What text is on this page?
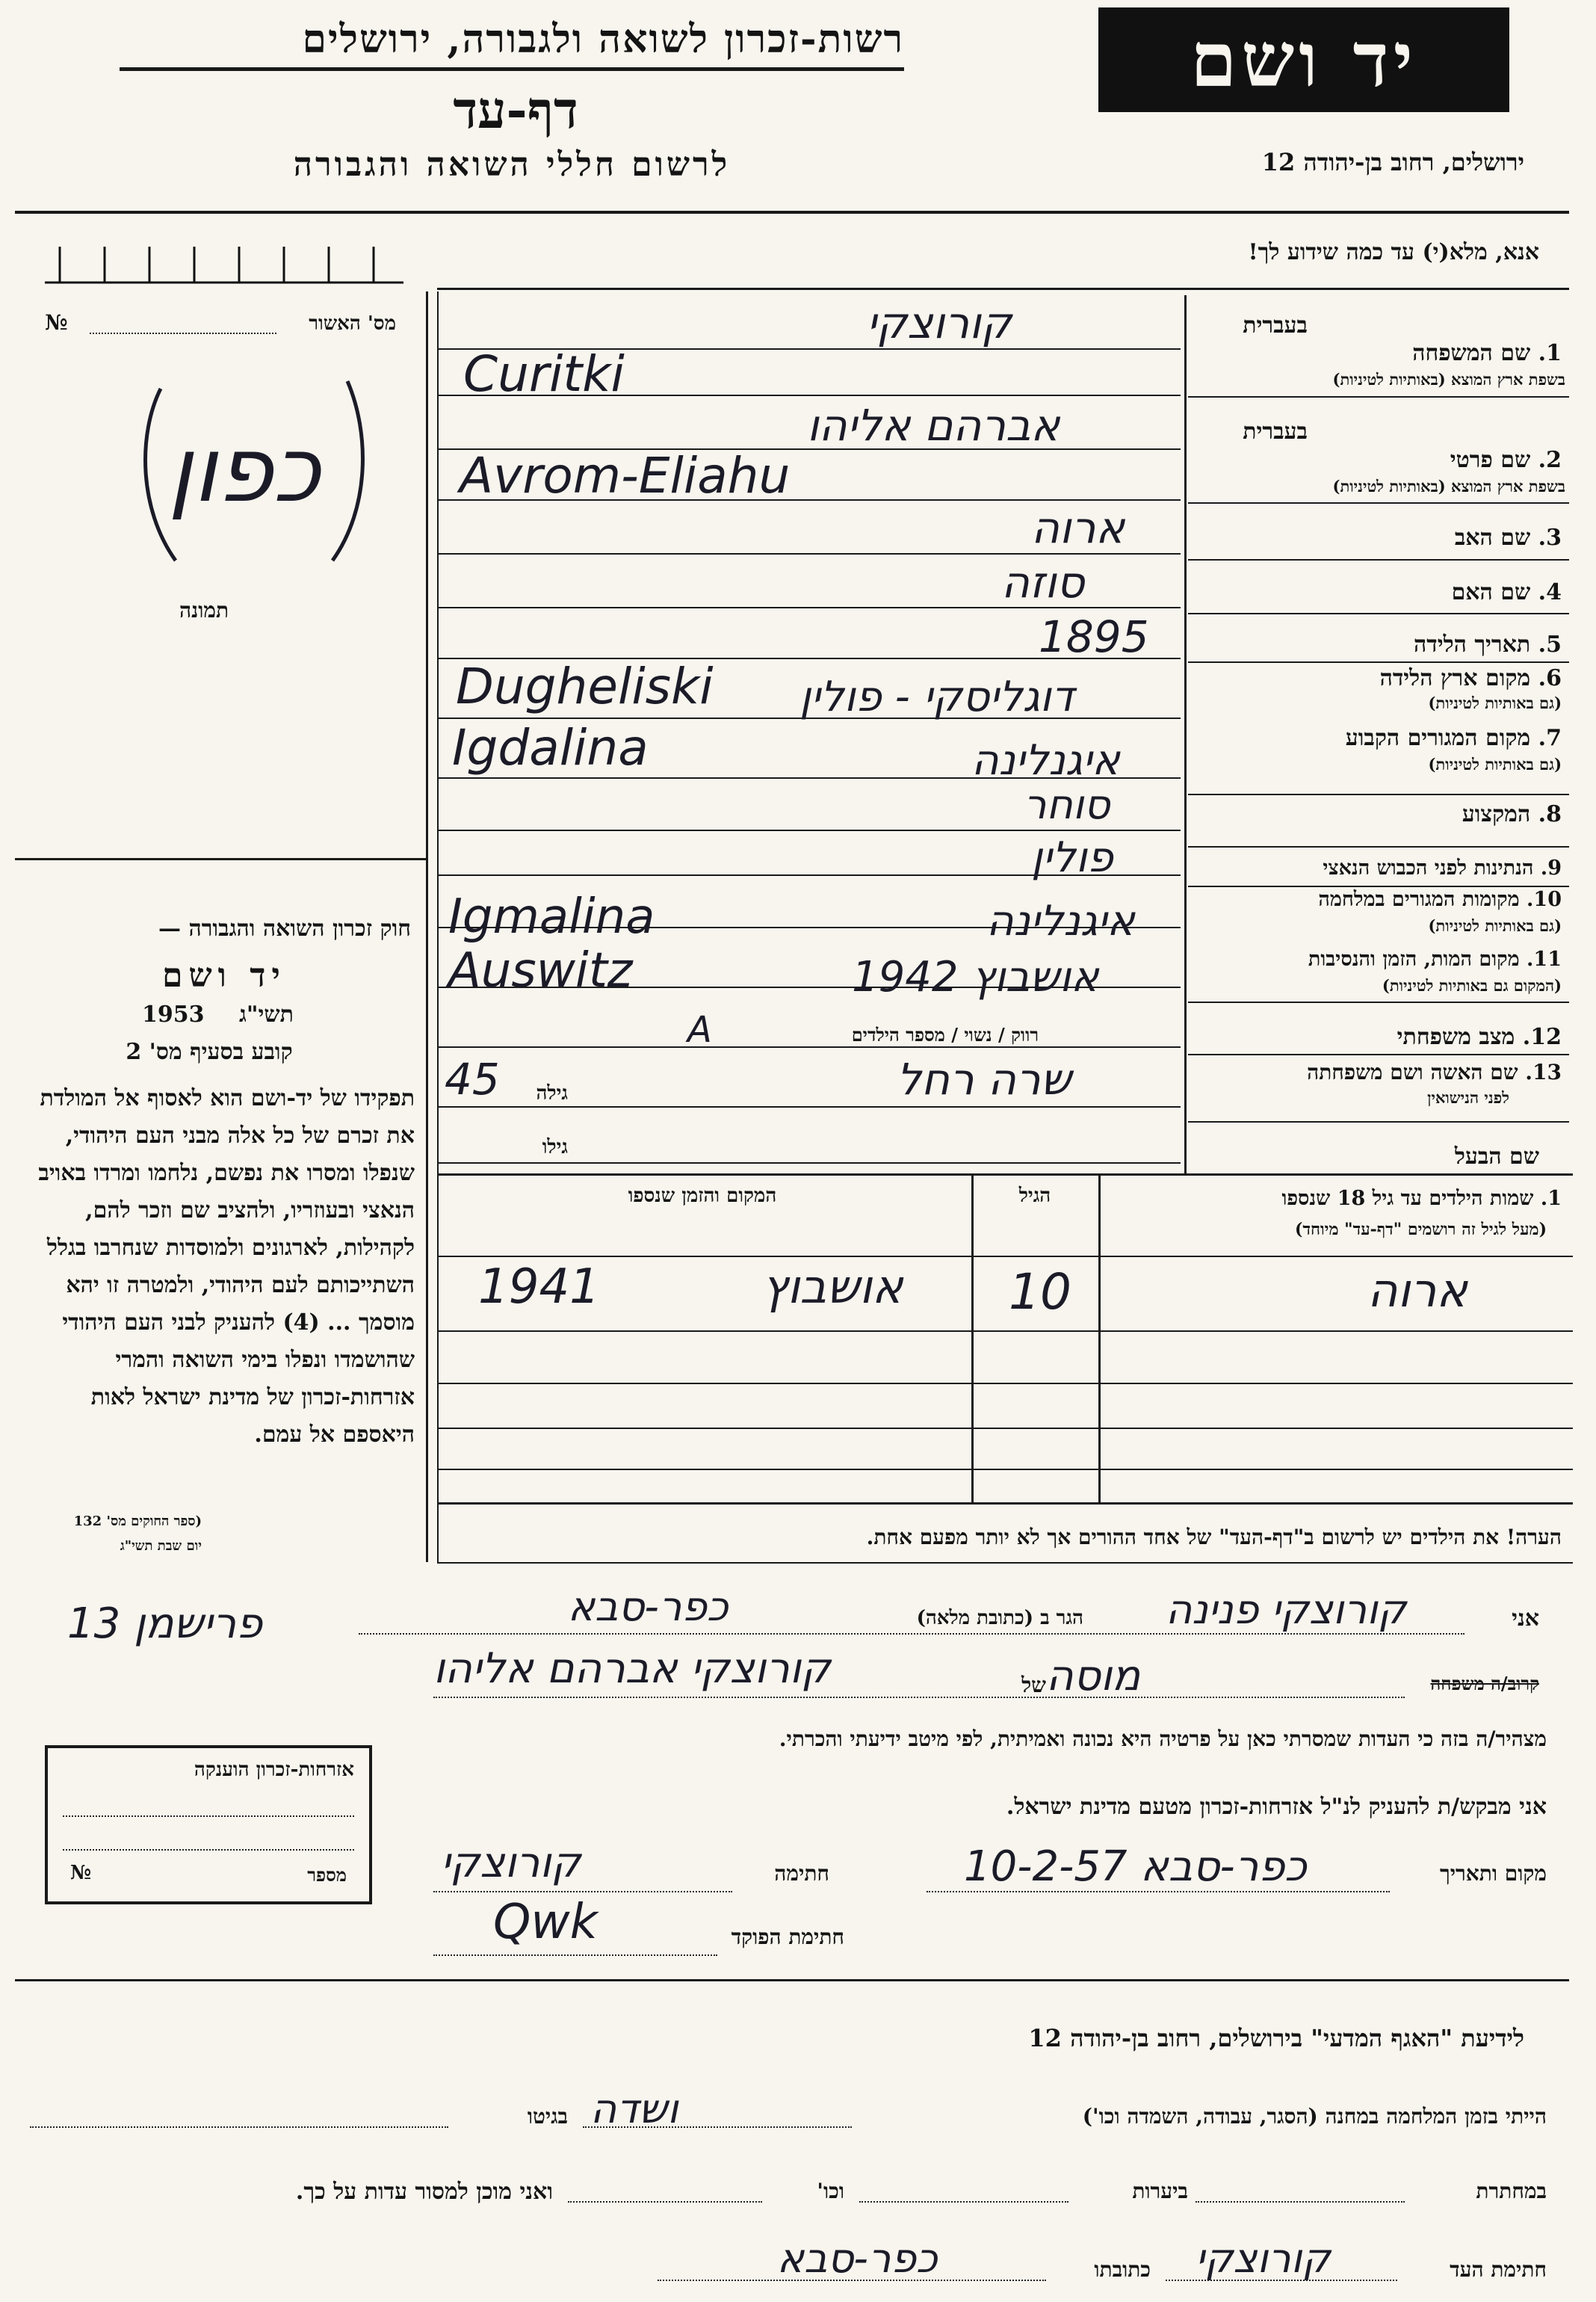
יד ושם
רשות-זכרון לשואה ולגבורה, ירושלים
דף-עד
לרשום חללי השואה והגבורה	ירושלים, רחוב בן-יהודה 12
אנא, מלא(י) עד כמה שידוע לך!
מס' האשור
№
כפון
תמונה
חוק זכרון השואה והגבורה —
יד ושם
תשי"ג
1953
קובע בסעיף מס' 2
תפקידו של יד-ושם הוא לאסוף אל המולדת את זכרם של כל אלה מבני העם היהודי, שנפלו ומסרו את נפשם, נלחמו ומרדו באויב הנאצי ובעוזריו, ולהציב שם וזכר להם, לקהילות, לארגונים ולמוסדות שנחרבו בגלל השתייכותם לעם היהודי, ולמטרה זו יהא מוסמך ... (4) להעניק לבני העם היהודי שהושמדו ונפלו בימי השואה והמרי אזרחות-זכרון של מדינת ישראל לאות היאספם אל עמם.
(ספר החוקים מס' 132
יום שבת תשי"ג
בעברית
1. שם המשפחה
בשפת ארץ המוצא (באותיות לטיניות)
קורוצקי
Curitki
בעברית
2. שם פרטי
בשפת ארץ המוצא (באותיות לטיניות)
אברהם אליהו
Avrom-Eliahu
3. שם האב
ארוה
4. שם האם
סוזה
5. תאריך הלידה
1895
6. מקום ארץ הלידה
(גם באותיות לטיניות)
דוגליסקי - פולין
Dugheliski
7. מקום המגורים הקבוע
(גם באותיות לטיניות)
איגנלינה
Igdalina
8. המקצוע
סוחר
9. הנתינות לפני הכבוש הנאצי
פולין
10. מקומות המגורים במלחמה
(גם באותיות לטיניות)
איגנלינה
Igmalina
11. מקום המות, הזמן והנסיבות
(המקום גם באותיות לטיניות)
אושבוץ 1942
Auswitz
12. מצב משפחתי
רווק / נשוי / מספר הילדים
A
13. שם האשה ושם משפחתה
לפני הנישואין
שרה רחל
גילה
45
שם הבעל
גילו
1. שמות הילדים עד גיל 18 שנספו
(מעל לגיל זה רושמים "דף-עד" מיוחד)
הגיל
המקום והזמן שנספו
ארוה
10
אושבוץ
1941
הערה! את הילדים יש לרשום ב"דף-העד" של אחד ההורים אך לא יותר מפעם אחת.
אני
קורוצקי פנינה
הגר ב (כתובת מלאה)
כפר-סבא
פרישמן 13
קרוב/ה משפחה
מוסה
של
קורוצקי אברהם אליהו
מצהיר/ה בזה כי העדות שמסרתי כאן על פרטיה היא נכונה ואמיתית, לפי מיטב ידיעתי והכרתי.
אני מבקש/ת להעניק לנ"ל אזרחות-זכרון מטעם מדינת ישראל.
מקום ותאריך
כפר-סבא 10-2-57
חתימה
קורוצקי
חתימת הפוקד
Qwk
אזרחות-זכרון הוענקה
מספר
№
לידיעת "האגף המדעי" בירושלים, רחוב בן-יהודה 12
הייתי בזמן המלחמה במחנה (הסגר, עבודה, השמדה וכו')
ושדה
בגיטו
במחתרת
ביערות
וכו'
ואני מוכן למסור עדות על כך.
חתימת העד
קורוצקי
כתובתו
כפר-סבא
